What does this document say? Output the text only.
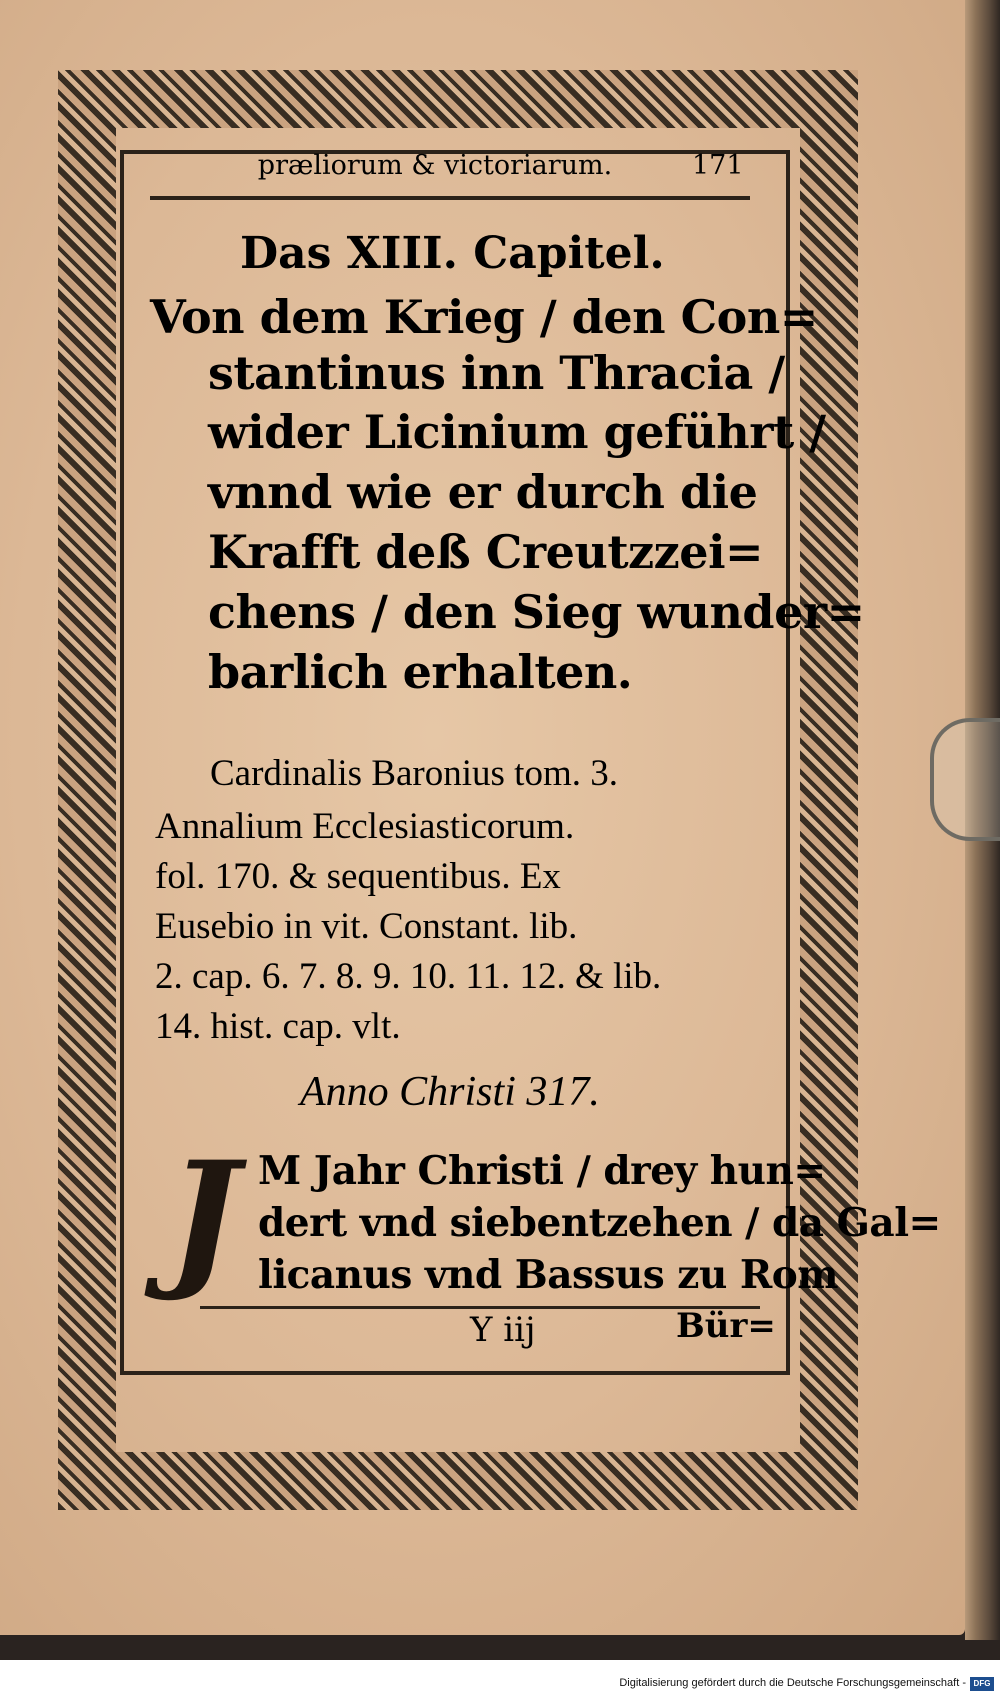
prӕliorum & victoriarum.	171
Das XIII. Capitel.
Von dem Krieg / den Con=
stantinus inn Thracia /
wider Licinium geführt /
vnnd wie er durch die
Krafft deß Creutzzei=
chens / den Sieg wunder=
barlich erhalten.
Cardinalis Baronius tom. 3.
Annalium Ecclesiasticorum.
fol. 170. & sequentibus. Ex
Eusebio in vit. Constant. lib.
2. cap. 6. 7. 8. 9. 10. 11. 12. & lib.
14. hist. cap. vlt.
Anno Christi 317.
J M Jahr Christi / drey hun=
dert vnd siebentzehen / da Gal=
licanus vnd Bassus zu Rom
Y iij	Bür=
Digitalisierung gefördert durch die Deutsche Forschungsgemeinschaft - DFG
